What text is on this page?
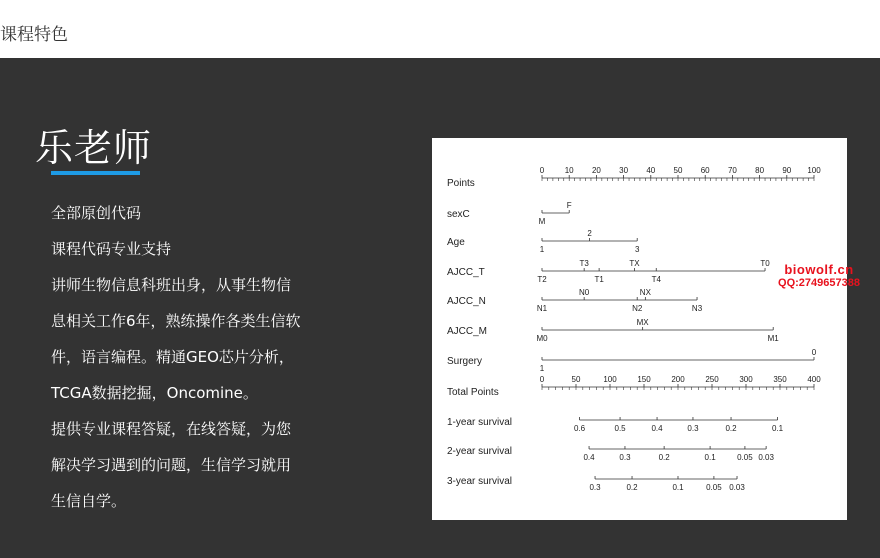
课程特色
乐老师
全部原创代码
课程代码专业支持
讲师生物信息科班出身，从事生物信
息相关工作6年，熟练操作各类生信软
件，语言编程。精通GEO芯片分析，
TCGA数据挖掘，Oncomine。
提供专业课程答疑，在线答疑，为您
解决学习遇到的问题，生信学习就用
生信自学。
Points
0	10 20 30 40 50 60 70 80 90 100
sexC
F
M
Age
2
1	3
AJCC_T
T3	TX	T0
T2	T1	T4
AJCC_N
N0	NX
N1	N2	N3
AJCC_M
MX
M0	M1
Surgery
0
1
Total Points
0	50	100	150	200	250	300	350	400
1-year survival
0.6	0.5	0.4	0.3	0.2	0.1
2-year survival
0.4	0.3	0.2	0.1	0.05 0.03
3-year survival
0.3	0.2	0.1	0.05 0.03
biowolf.cn
QQ:2749657388
